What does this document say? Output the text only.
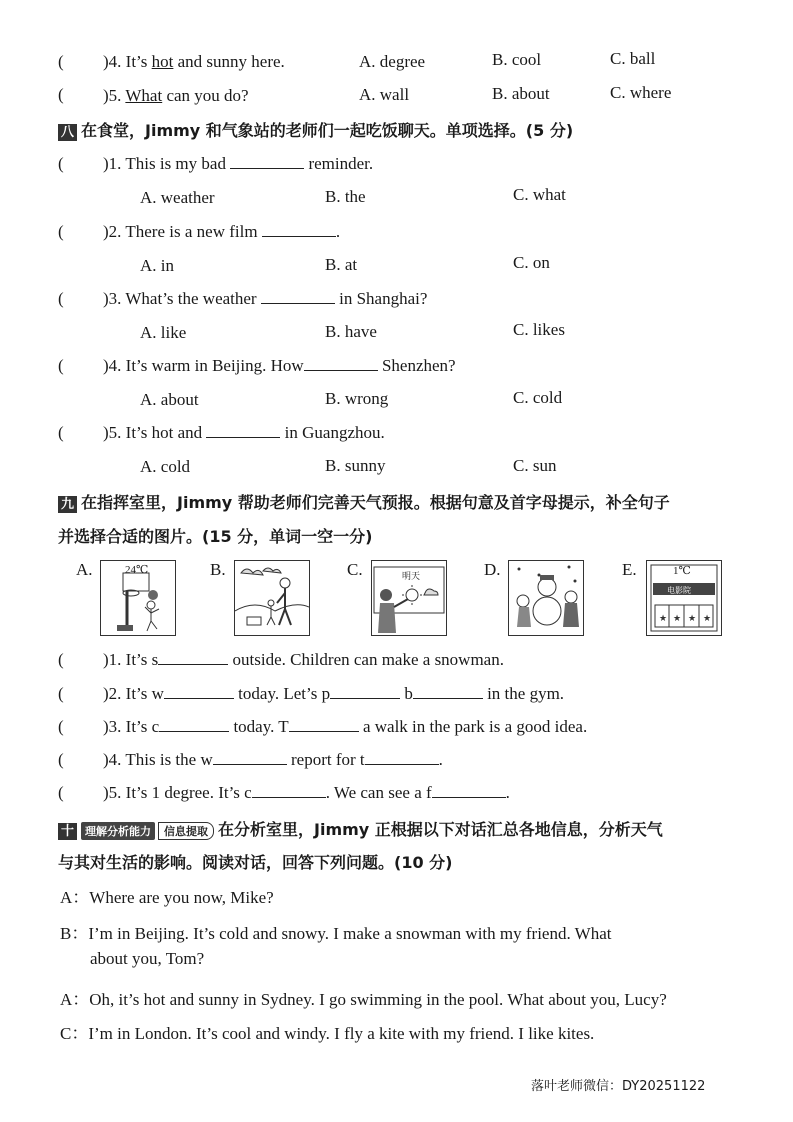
( )4. It’s hot and sunny here.	A. degree	B. cool	C. ball
( )5. What can you do?	A. wall	B. about	C. where
八 在食堂，Jimmy 和气象站的老师们一起吃饭聊天。单项选择。(5 分)
( )1. This is my bad	reminder.
A. weather	B. the	C. what
( )2. There is a new film	.
A. in	B. at	C. on
( )3. What’s the weather	in Shanghai?
A. like	B. have	C. likes
( )4. It’s warm in Beijing. How	Shenzhen?
A. about	B. wrong	C. cold
( )5. It’s hot and	in Guangzhou.
A. cold	B. sunny	C. sun
九 在指挥室里，Jimmy 帮助老师们完善天气预报。根据句意及首字母提示，补全句子
并选择合适的图片。(15 分，单词一空一分)
A.	24℃	B.	C.	明天	D.	E.
★ ★ ★ ★
1℃
电影院
( )1. It’s s	outside. Children can make a snowman.
( )2. It’s w	today. Let’s p	b	in the gym.
( )3. It’s c	today. T	a walk in the park is a good idea.
( )4. This is the w	report for t	.
( )5. It’s 1 degree. It’s c	. We can see a f	.
十 理解分析能力 信息提取 在分析室里，Jimmy 正根据以下对话汇总各地信息，分析天气
与其对生活的影响。阅读对话，回答下列问题。(10 分)
A：Where are you now, Mike?
B：I’m in Beijing. It’s cold and snowy. I make a snowman with my friend. What
about you, Tom?
A：Oh, it’s hot and sunny in Sydney. I go swimming in the pool. What about you, Lucy?
C：I’m in London. It’s cool and windy. I fly a kite with my friend. I like kites.
落叶老师微信：DY20251122
